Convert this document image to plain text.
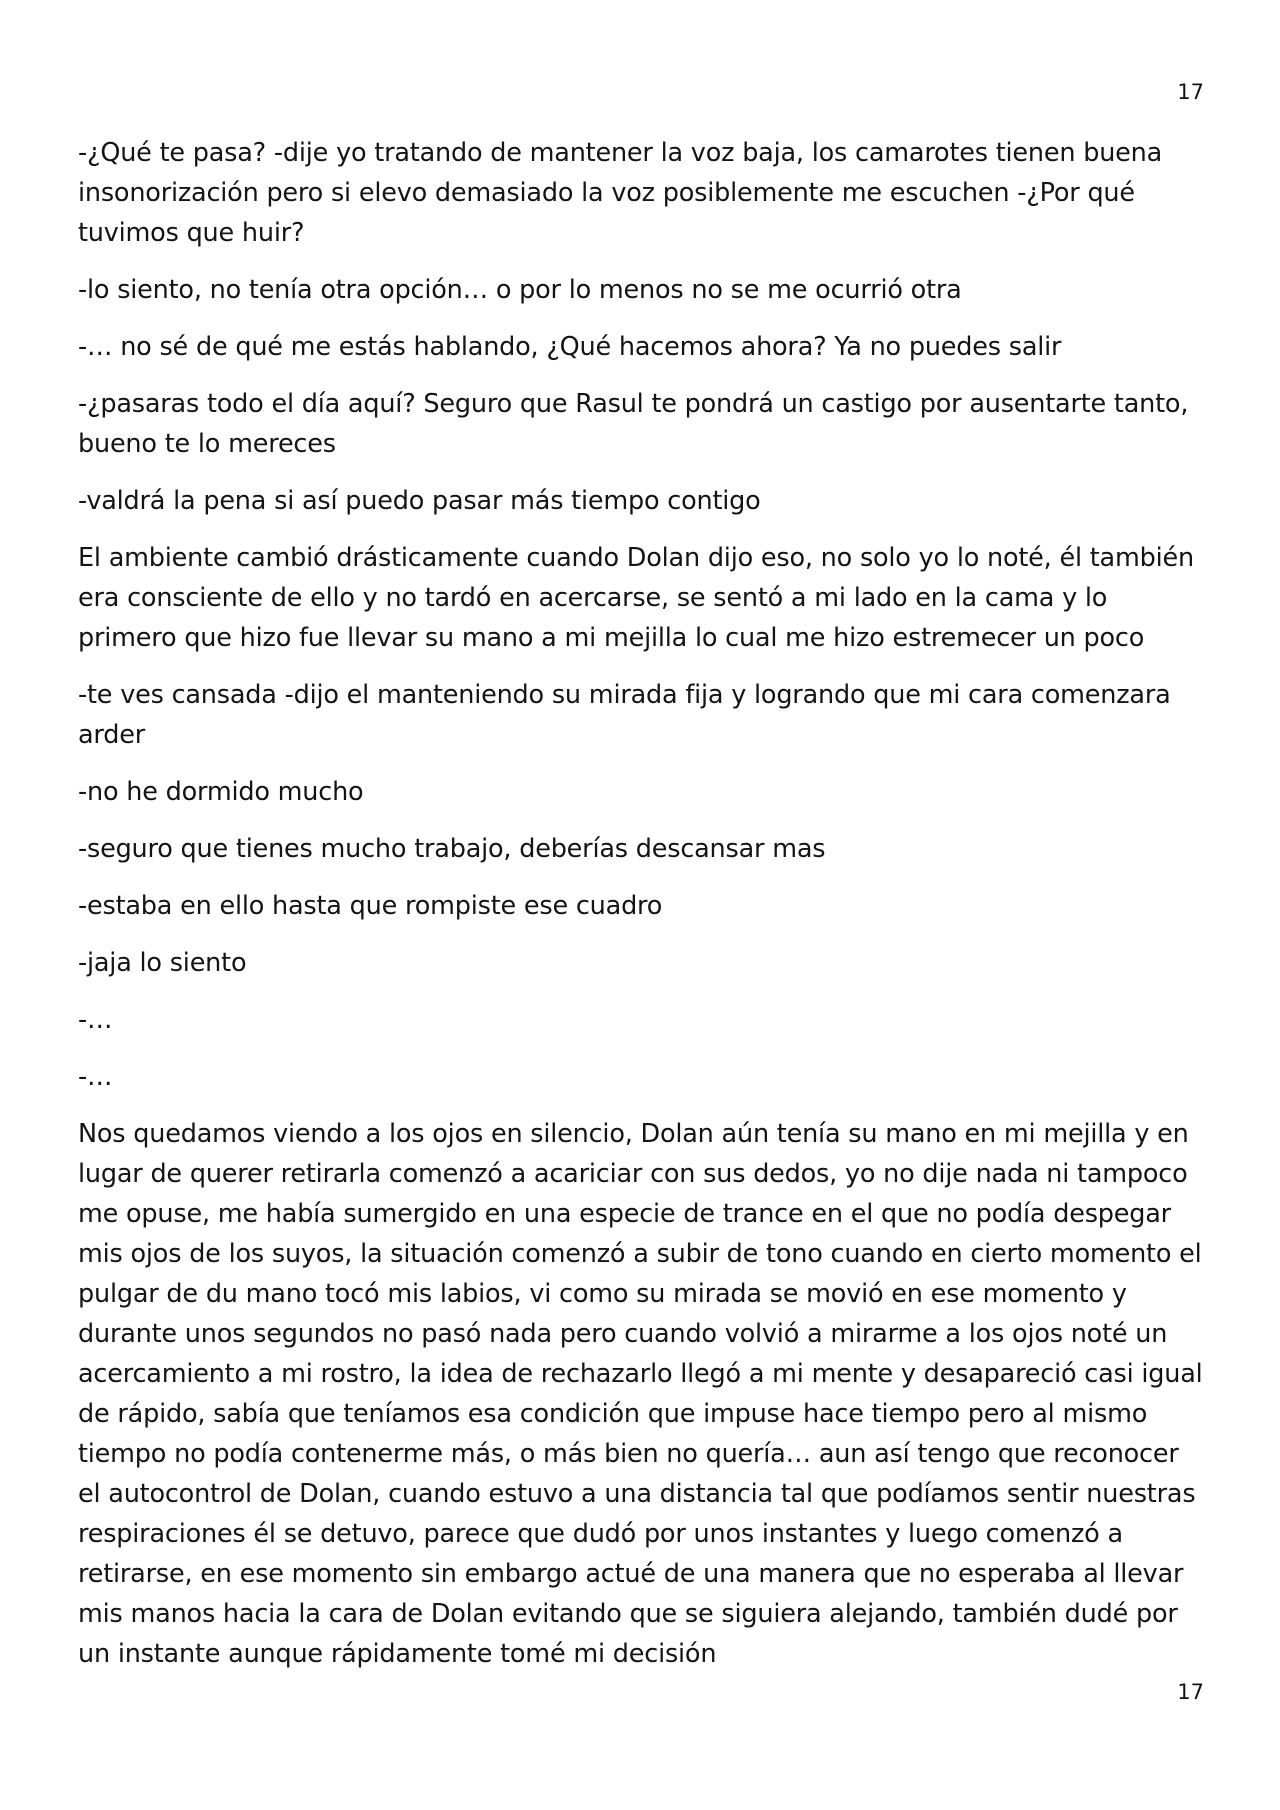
17

-¿Qué te pasa? -dije yo tratando de mantener la voz baja, los camarotes tienen buena insonorización pero si elevo demasiado la voz posiblemente me escuchen -¿Por qué tuvimos que huir?

-lo siento, no tenía otra opción… o por lo menos no se me ocurrió otra

-… no sé de qué me estás hablando, ¿Qué hacemos ahora? Ya no puedes salir

-¿pasaras todo el día aquí? Seguro que Rasul te pondrá un castigo por ausentarte tanto, bueno te lo mereces

-valdrá la pena si así puedo pasar más tiempo contigo

El ambiente cambió drásticamente cuando Dolan dijo eso, no solo yo lo noté, él también era consciente de ello y no tardó en acercarse, se sentó a mi lado en la cama y lo primero que hizo fue llevar su mano a mi mejilla lo cual me hizo estremecer un poco

-te ves cansada -dijo el manteniendo su mirada fija y logrando que mi cara comenzara arder

-no he dormido mucho

-seguro que tienes mucho trabajo, deberías descansar mas

-estaba en ello hasta que rompiste ese cuadro

-jaja lo siento

-…

-…

Nos quedamos viendo a los ojos en silencio, Dolan aún tenía su mano en mi mejilla y en lugar de querer retirarla comenzó a acariciar con sus dedos, yo no dije nada ni tampoco me opuse, me había sumergido en una especie de trance en el que no podía despegar mis ojos de los suyos, la situación comenzó a subir de tono cuando en cierto momento el pulgar de du mano tocó mis labios, vi como su mirada se movió en ese momento y durante unos segundos no pasó nada pero cuando volvió a mirarme a los ojos noté un acercamiento a mi rostro, la idea de rechazarlo llegó a mi mente y desapareció casi igual de rápido, sabía que teníamos esa condición que impuse hace tiempo pero al mismo tiempo no podía contenerme más, o más bien no quería… aun así tengo que reconocer el autocontrol de Dolan, cuando estuvo a una distancia tal que podíamos sentir nuestras respiraciones él se detuvo, parece que dudó por unos instantes y luego comenzó a retirarse, en ese momento sin embargo actué de una manera que no esperaba al llevar mis manos hacia la cara de Dolan evitando que se siguiera alejando, también dudé por un instante aunque rápidamente tomé mi decisión

17
